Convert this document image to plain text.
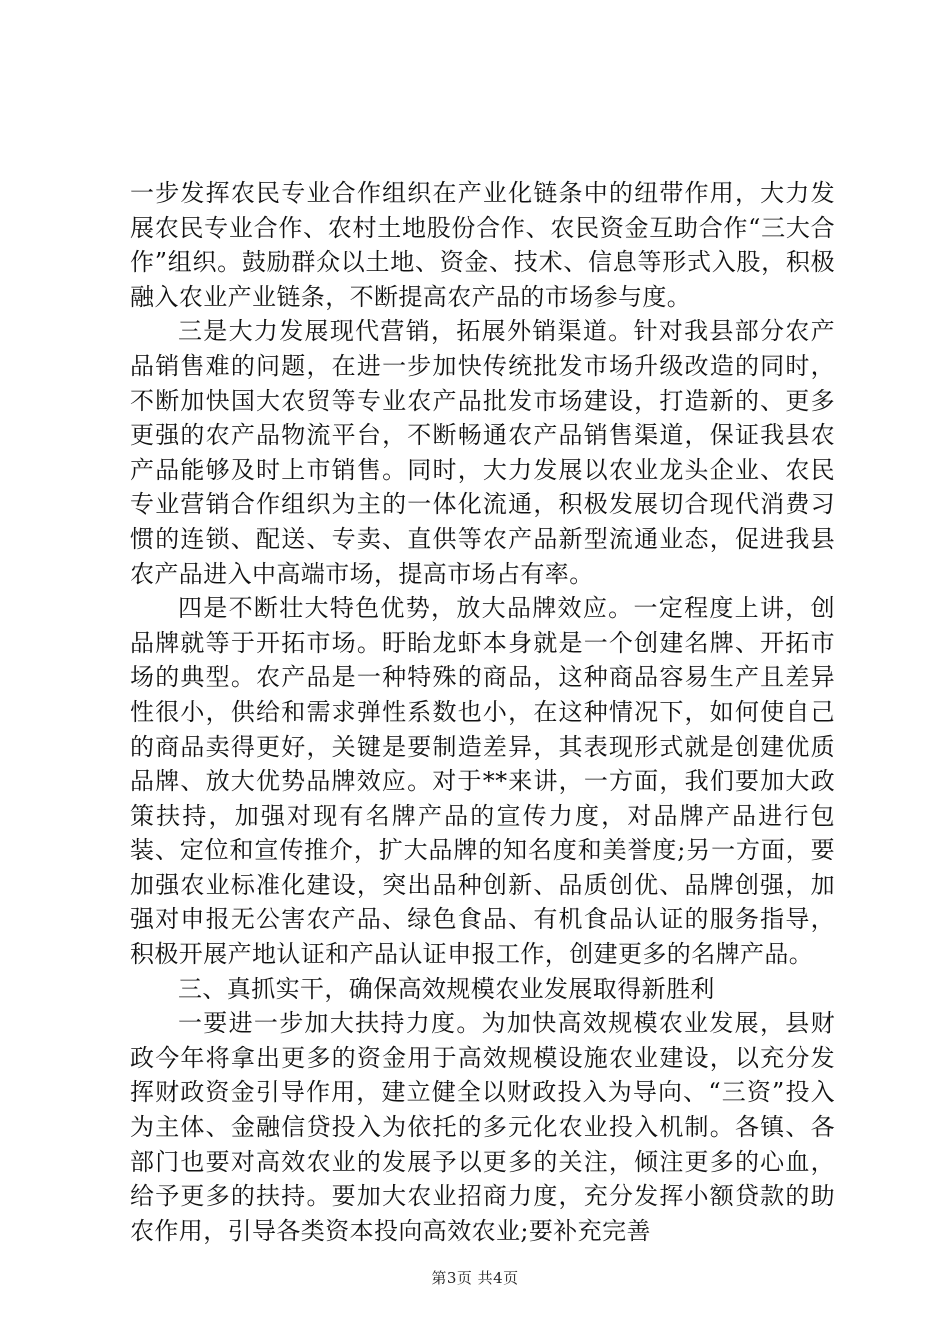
一步发挥农民专业合作组织在产业化链条中的纽带作用，大力发展农民专业合作、农村土地股份合作、农民资金互助合作“三大合作”组织。鼓励群众以土地、资金、技术、信息等形式入股，积极融入农业产业链条，不断提高农产品的市场参与度。

三是大力发展现代营销，拓展外销渠道。针对我县部分农产品销售难的问题，在进一步加快传统批发市场升级改造的同时，不断加快国大农贸等专业农产品批发市场建设，打造新的、更多更强的农产品物流平台，不断畅通农产品销售渠道，保证我县农产品能够及时上市销售。同时，大力发展以农业龙头企业、农民专业营销合作组织为主的一体化流通，积极发展切合现代消费习惯的连锁、配送、专卖、直供等农产品新型流通业态，促进我县农产品进入中高端市场，提高市场占有率。

四是不断壮大特色优势，放大品牌效应。一定程度上讲，创品牌就等于开拓市场。盱眙龙虾本身就是一个创建名牌、开拓市场的典型。农产品是一种特殊的商品，这种商品容易生产且差异性很小，供给和需求弹性系数也小，在这种情况下，如何使自己的商品卖得更好，关键是要制造差异，其表现形式就是创建优质品牌、放大优势品牌效应。对于**来讲，一方面，我们要加大政策扶持，加强对现有名牌产品的宣传力度，对品牌产品进行包装、定位和宣传推介，扩大品牌的知名度和美誉度;另一方面，要加强农业标准化建设，突出品种创新、品质创优、品牌创强，加强对申报无公害农产品、绿色食品、有机食品认证的服务指导，积极开展产地认证和产品认证申报工作，创建更多的名牌产品。

三、真抓实干，确保高效规模农业发展取得新胜利

一要进一步加大扶持力度。为加快高效规模农业发展，县财政今年将拿出更多的资金用于高效规模设施农业建设，以充分发挥财政资金引导作用，建立健全以财政投入为导向、“三资”投入为主体、金融信贷投入为依托的多元化农业投入机制。各镇、各部门也要对高效农业的发展予以更多的关注，倾注更多的心血，给予更多的扶持。要加大农业招商力度，充分发挥小额贷款的助农作用，引导各类资本投向高效农业;要补充完善

第3页 共4页
